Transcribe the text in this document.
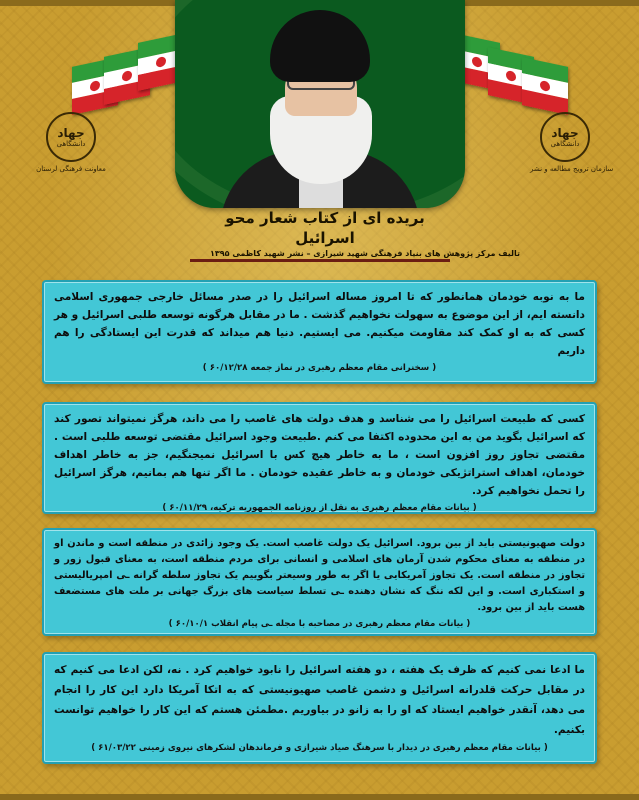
جهاد
دانشگاهی
معاونت فرهنگی لرستان
جهاد
دانشگاهی
سازمان ترویج مطالعه و نشر
بریده ای از کتاب شعار محو اسرائیل
تالیف مرکز پژوهش های بنیاد فرهنگی شهید شیرازی – نشر شهید کاظمی ۱۳۹۵

ما به نوبه خودمان همانطور که تا امروز مساله اسرائیل را در صدر مسائل خارجی جمهوری اسلامی دانسته ایم، از این موضوع به سهولت نخواهیم گذشت . ما در مقابل هرگونه توسعه طلبی اسرائیل و هر کسی که به او کمک کند مقاومت میکنیم. می ایستیم. دنیا هم میداند که قدرت این ایستادگی را هم داریم

( سخنرانی مقام معظم رهبری در نماز جمعه ۶۰/۱۲/۲۸ )

کسی که طبیعت اسرائیل را می شناسد و هدف دولت های غاصب را می داند، هرگز نمیتواند تصور کند که اسرائیل بگوید من به این محدوده اکتفا می کنم .طبیعت وجود اسرائیل مقتضی توسعه طلبی است . مقتضی تجاوز روز افزون است ، ما به خاطر هیچ کس با اسرائیل نمیجنگیم، جز به خاطر اهداف خودمان، اهداف استراتژیکی خودمان و به خاطر عقیده خودمان . ما اگر تنها هم بمانیم، هرگز اسرائیل را تحمل نخواهیم کرد.

( بیانات مقام معظم رهبری به نقل از روزنامه الجمهوریه ترکیه، ۶۰/۱۱/۲۹ )

دولت صهیونیستی باید از بین برود. اسرائیل یک دولت غاصب است. یک وجود زائدی در منطقه است و ماندن او در منطقه به معنای محکوم شدن آرمان های اسلامی و انسانی برای مردم منطقه است، به معنای قبول زور و تجاوز در منطقه است. یک تجاوز آمریکایی یا اگر به طور وسیعتر بگوییم یک تجاوز سلطه گرانه ـی امپریالیستی و استکباری است. و این لکه ننگ که نشان دهنده ـی تسلط سیاست های بزرگ جهانی بر ملت های مستضعف هست باید از بین برود.

( بیانات مقام معظم رهبری در مصاحبه با مجله ـی پیام انقلاب ۶۰/۱۰/۱ )

ما ادعا نمی کنیم که ظرف یک هفته ، دو هفته اسرائیل را نابود خواهیم کرد . نه، لکن ادعا می کنیم که در مقابل حرکت قلدرانه اسرائیل و دشمن غاصب صهیونیستی که به اتکا آمریکا دارد این کار را انجام می دهد، آنقدر خواهیم ایستاد که او را به زانو در بیاوریم .مطمئن هستم که این کار را خواهیم توانست بکنیم.

( بیانات مقام معظم رهبری در دیدار با سرهنگ صیاد شیرازی و فرماندهان لشکرهای نیروی زمینی ۶۱/۰۳/۲۲ )
